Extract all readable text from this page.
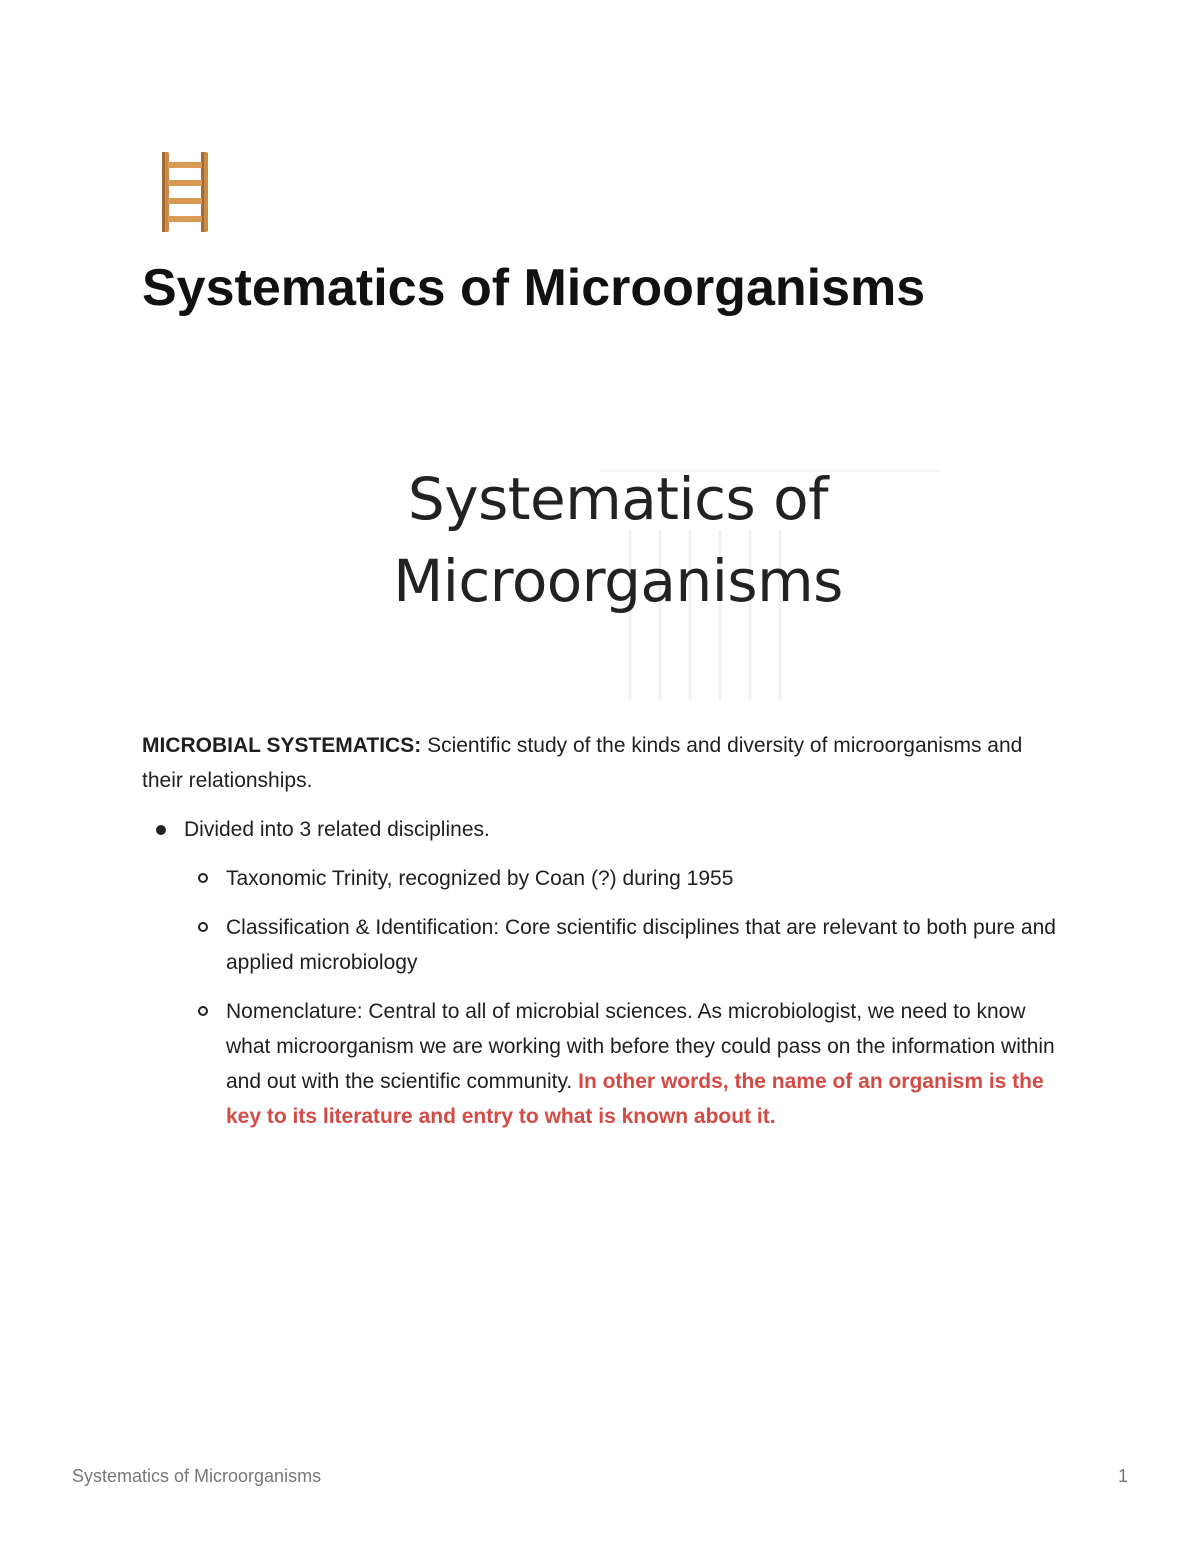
Systematics of Microorganisms
Systematics of
Microorganisms

MICROBIAL SYSTEMATICS: Scientific study of the kinds and diversity of microorganisms and their relationships.

Divided into 3 related disciplines.
Taxonomic Trinity, recognized by Coan (?) during 1955
Classification & Identification: Core scientific disciplines that are relevant to both pure and applied microbiology
Nomenclature: Central to all of microbial sciences. As microbiologist, we need to know what microorganism we are working with before they could pass on the information within and out with the scientific community. In other words, the name of an organism is the key to its literature and entry to what is known about it.
Systematics of Microorganisms	1
